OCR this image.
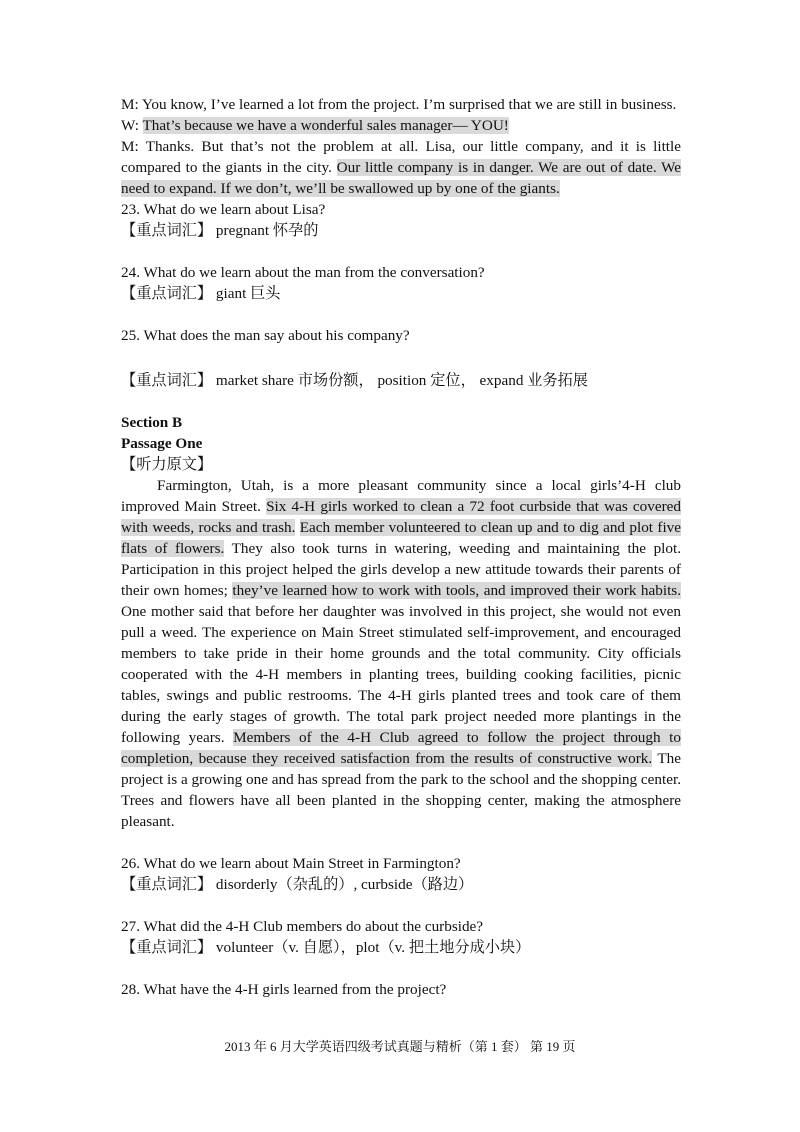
M: You know, I’ve learned a lot from the project. I’m surprised that we are still in business.

W: That’s because we have a wonderful sales manager— YOU!

M: Thanks. But that’s not the problem at all. Lisa, our little company, and it is little compared to the giants in the city. Our little company is in danger. We are out of date. We need to expand. If we don’t, we’ll be swallowed up by one of the giants.

23. What do we learn about Lisa?

【重点词汇】 pregnant 怀孕的

24. What do we learn about the man from the conversation?

【重点词汇】 giant 巨头

25. What does the man say about his company?

【重点词汇】 market share 市场份额， position 定位， expand 业务拓展

Section B

Passage One

【听力原文】

Farmington, Utah, is a more pleasant community since a local girls’4-H club improved Main Street. Six 4-H girls worked to clean a 72 foot curbside that was covered with weeds, rocks and trash. Each member volunteered to clean up and to dig and plot five flats of flowers. They also took turns in watering, weeding and maintaining the plot. Participation in this project helped the girls develop a new attitude towards their parents of their own homes; they’ve learned how to work with tools, and improved their work habits. One mother said that before her daughter was involved in this project, she would not even pull a weed. The experience on Main Street stimulated self-improvement, and encouraged members to take pride in their home grounds and the total community. City officials cooperated with the 4-H members in planting trees, building cooking facilities, picnic tables, swings and public restrooms. The 4-H girls planted trees and took care of them during the early stages of growth. The total park project needed more plantings in the following years. Members of the 4-H Club agreed to follow the project through to completion, because they received satisfaction from the results of constructive work. The project is a growing one and has spread from the park to the school and the shopping center. Trees and flowers have all been planted in the shopping center, making the atmosphere pleasant.

26. What do we learn about Main Street in Farmington?

【重点词汇】 disorderly（杂乱的）, curbside（路边）

27. What did the 4-H Club members do about the curbside?

【重点词汇】 volunteer（v. 自愿），plot（v. 把土地分成小块）

28. What have the 4-H girls learned from the project?

2013 年 6 月大学英语四级考试真题与精析（第 1 套） 第 19 页
